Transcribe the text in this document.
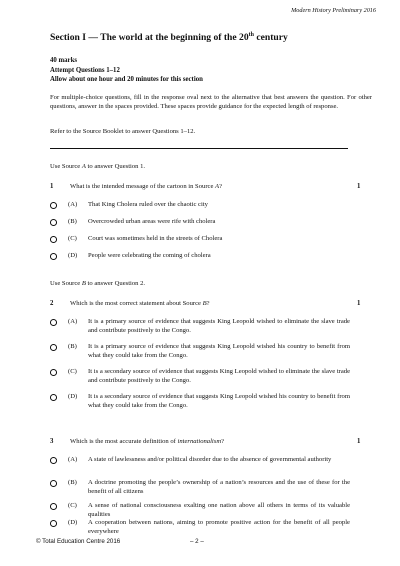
Modern History Preliminary 2016
Section I — The world at the beginning of the 20th century
40 marks
Attempt Questions 1–12
Allow about one hour and 20 minutes for this section
For multiple-choice questions, fill in the response oval next to the alternative that best answers the question. For other questions, answer in the spaces provided. These spaces provide guidance for the expected length of response.
Refer to the Source Booklet to answer Questions 1–12.
Use Source A to answer Question 1.
1	What is the intended message of the cartoon in Source A?	1
(A) That King Cholera ruled over the chaotic city
(B) Overcrowded urban areas were rife with cholera
(C) Court was sometimes held in the streets of Cholera
(D) People were celebrating the coming of cholera
Use Source B to answer Question 2.
2	Which is the most correct statement about Source B?	1
(A) It is a primary source of evidence that suggests King Leopold wished to eliminate the slave trade and contribute positively to the Congo.
(B) It is a primary source of evidence that suggests King Leopold wished his country to benefit from what they could take from the Congo.
(C) It is a secondary source of evidence that suggests King Leopold wished to eliminate the slave trade and contribute positively to the Congo.
(D) It is a secondary source of evidence that suggests King Leopold wished his country to benefit from what they could take from the Congo.
3	Which is the most accurate definition of internationalism?	1
(A) A state of lawlessness and/or political disorder due to the absence of governmental authority
(B) A doctrine promoting the people’s ownership of a nation’s resources and the use of these for the benefit of all citizens
(C) A sense of national consciousness exalting one nation above all others in terms of its valuable qualities
(D) A cooperation between nations, aiming to promote positive action for the benefit of all people everywhere
© Total Education Centre 2016	– 2 –
